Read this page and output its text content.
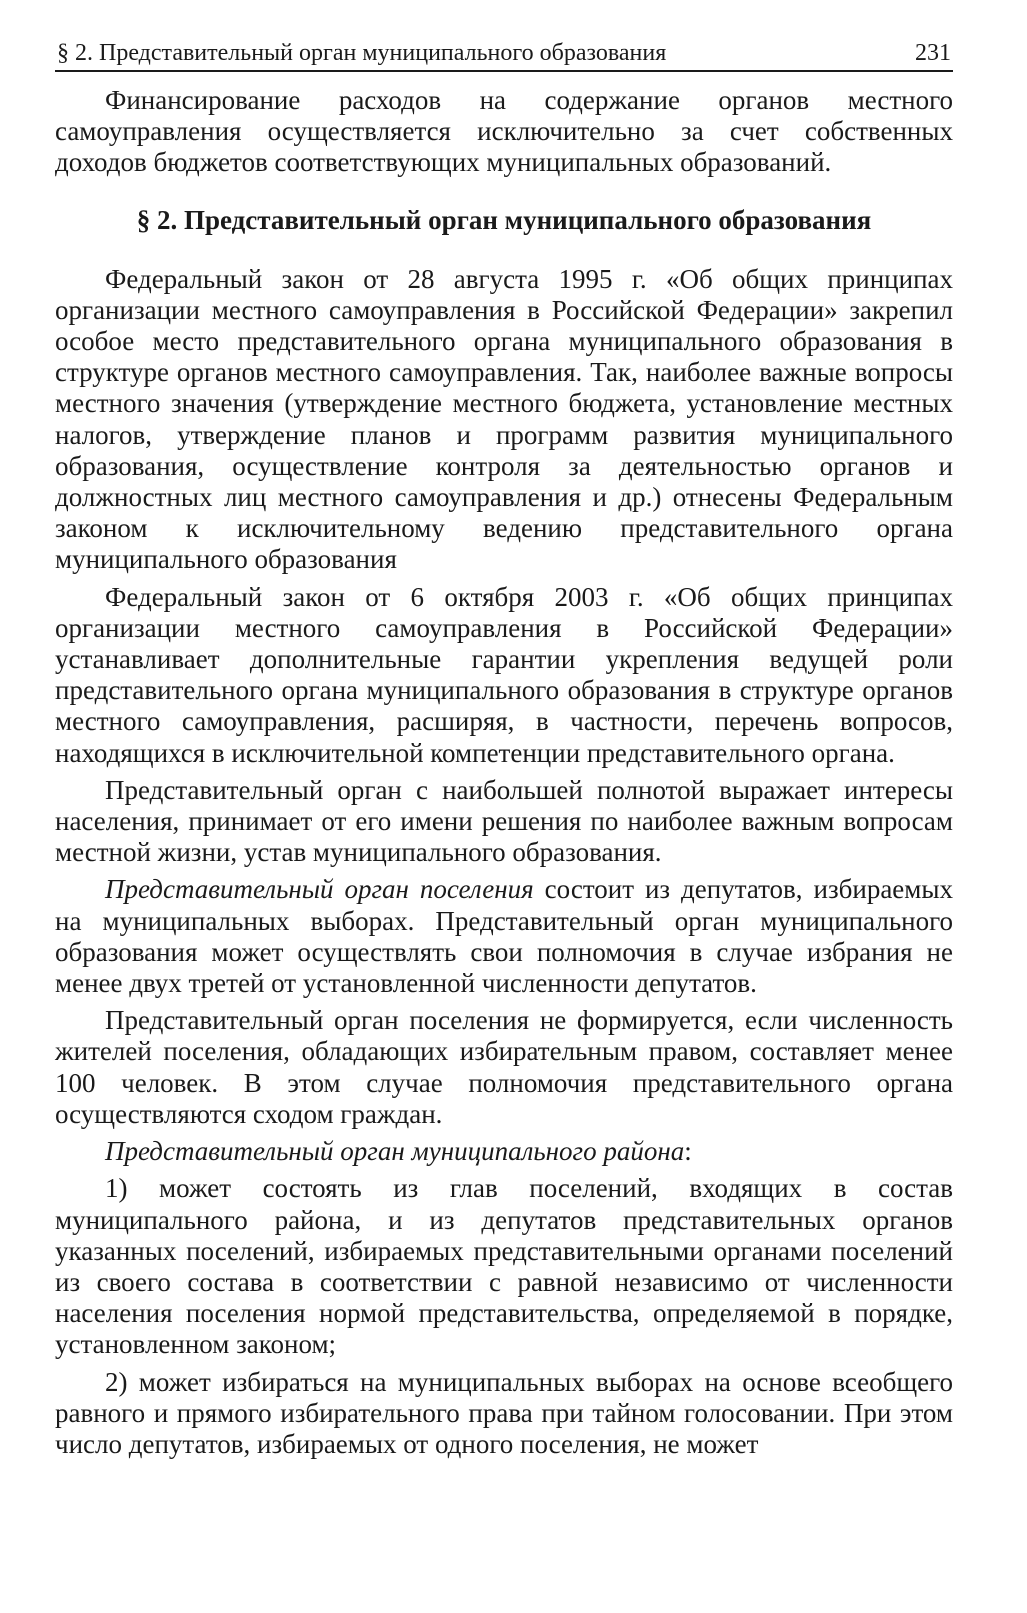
§ 2. Представительный орган муниципального образования	231

Финансирование расходов на содержание органов местного самоуправления осуществляется исключительно за счет собственных доходов бюджетов соответствующих муниципальных образований.

§ 2. Представительный орган муниципального образования

Федеральный закон от 28 августа 1995 г. «Об общих принципах организации местного самоуправления в Российской Федерации» закрепил особое место представительного органа муниципального образования в структуре органов местного самоуправления. Так, наиболее важные вопросы местного значения (утверждение местного бюджета, установление местных налогов, утверждение планов и программ развития муниципального образования, осуществление контроля за деятельностью органов и должностных лиц местного самоуправления и др.) отнесены Федеральным законом к исключительному ведению представительного органа муниципального образования

Федеральный закон от 6 октября 2003 г. «Об общих принципах организации местного самоуправления в Российской Федерации» устанавливает дополнительные гарантии укрепления ведущей роли представительного органа муниципального образования в структуре органов местного самоуправления, расширяя, в частности, перечень вопросов, находящихся в исключительной компетенции представительного органа.

Представительный орган с наибольшей полнотой выражает интересы населения, принимает от его имени решения по наиболее важным вопросам местной жизни, устав муниципального образования.

Представительный орган поселения состоит из депутатов, избираемых на муниципальных выборах. Представительный орган муниципального образования может осуществлять свои полномочия в случае избрания не менее двух третей от установленной численности депутатов.

Представительный орган поселения не формируется, если численность жителей поселения, обладающих избирательным правом, составляет менее 100 человек. В этом случае полномочия представительного органа осуществляются сходом граждан.

Представительный орган муниципального района:

1) может состоять из глав поселений, входящих в состав муниципального района, и из депутатов представительных органов указанных поселений, избираемых представительными органами поселений из своего состава в соответствии с равной независимо от численности населения поселения нормой представительства, определяемой в порядке, установленном законом;

2) может избираться на муниципальных выборах на основе всеобщего равного и прямого избирательного права при тайном голосовании. При этом число депутатов, избираемых от одного поселения, не может
